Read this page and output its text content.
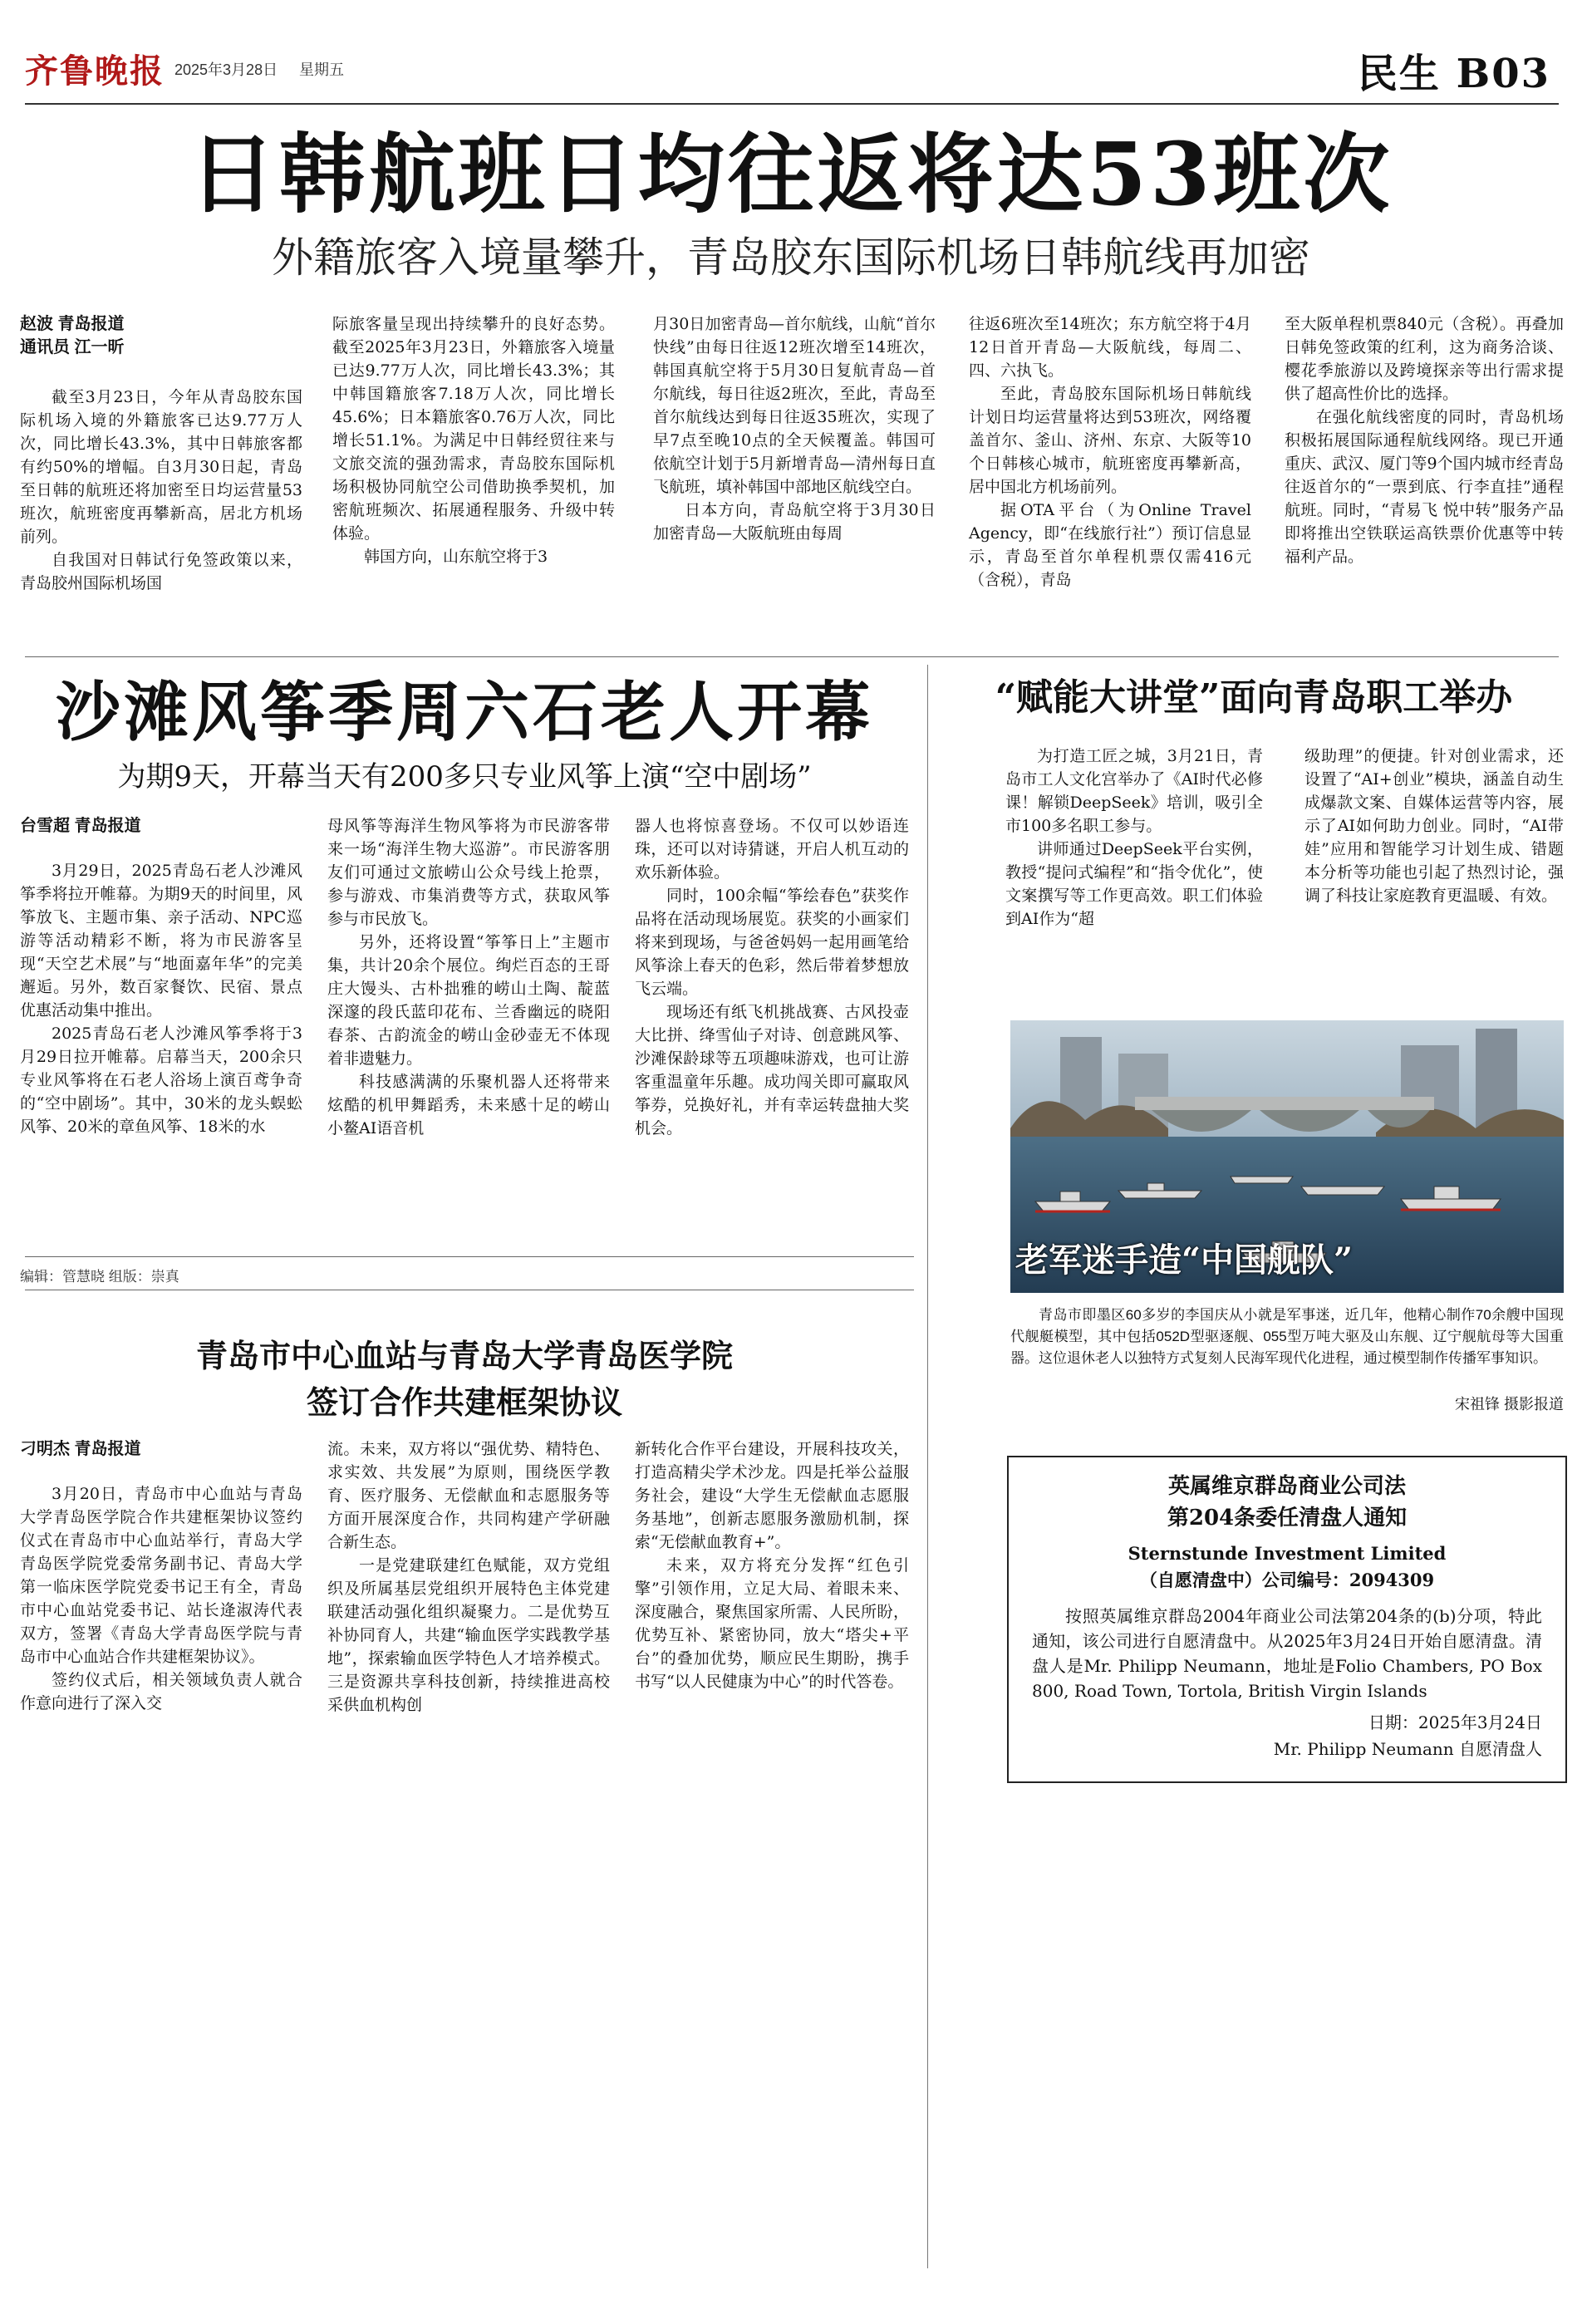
齐鲁晚报 2025年3月28日 星期五	民生 B03
日韩航班日均往返将达53班次
外籍旅客入境量攀升，青岛胶东国际机场日韩航线再加密
赵波 青岛报道
通讯员 江一昕

截至3月23日，今年从青岛胶东国际机场入境的外籍旅客已达9.77万人次，同比增长43.3%，其中日韩旅客都有约50%的增幅。自3月30日起，青岛至日韩的航班还将加密至日均运营量53班次，航班密度再攀新高，居北方机场前列。

自我国对日韩试行免签政策以来，青岛胶州国际机场国

际旅客量呈现出持续攀升的良好态势。截至2025年3月23日，外籍旅客入境量已达9.77万人次，同比增长43.3%；其中韩国籍旅客7.18万人次，同比增长45.6%；日本籍旅客0.76万人次，同比增长51.1%。为满足中日韩经贸往来与文旅交流的强劲需求，青岛胶东国际机场积极协同航空公司借助换季契机，加密航班频次、拓展通程服务、升级中转体验。

韩国方向，山东航空将于3

月30日加密青岛—首尔航线，山航“首尔快线”由每日往返12班次增至14班次，韩国真航空将于5月30日复航青岛—首尔航线，每日往返2班次，至此，青岛至首尔航线达到每日往返35班次，实现了早7点至晚10点的全天候覆盖。韩国可依航空计划于5月新增青岛—清州每日直飞航班，填补韩国中部地区航线空白。

日本方向，青岛航空将于3月30日加密青岛—大阪航班由每周

往返6班次至14班次；东方航空将于4月12日首开青岛—大阪航线，每周二、四、六执飞。

至此，青岛胶东国际机场日韩航线计划日均运营量将达到53班次，网络覆盖首尔、釜山、济州、东京、大阪等10个日韩核心城市，航班密度再攀新高，居中国北方机场前列。

据OTA平台（为Online Travel Agency，即“在线旅行社”）预订信息显示，青岛至首尔单程机票仅需416元（含税），青岛

至大阪单程机票840元（含税）。再叠加日韩免签政策的红利，这为商务洽谈、樱花季旅游以及跨境探亲等出行需求提供了超高性价比的选择。

在强化航线密度的同时，青岛机场积极拓展国际通程航线网络。现已开通重庆、武汉、厦门等9个国内城市经青岛往返首尔的“一票到底、行李直挂”通程航班。同时，“青易飞 悦中转”服务产品即将推出空铁联运高铁票价优惠等中转福利产品。

沙滩风筝季周六石老人开幕
为期9天，开幕当天有200多只专业风筝上演“空中剧场”
台雪超 青岛报道

3月29日，2025青岛石老人沙滩风筝季将拉开帷幕。为期9天的时间里，风筝放飞、主题市集、亲子活动、NPC巡游等活动精彩不断，将为市民游客呈现“天空艺术展”与“地面嘉年华”的完美邂逅。另外，数百家餐饮、民宿、景点优惠活动集中推出。

2025青岛石老人沙滩风筝季将于3月29日拉开帷幕。启幕当天，200余只专业风筝将在石老人浴场上演百鸢争奇的“空中剧场”。其中，30米的龙头蜈蚣风筝、20米的章鱼风筝、18米的水

母风筝等海洋生物风筝将为市民游客带来一场“海洋生物大巡游”。市民游客朋友们可通过文旅崂山公众号线上抢票，参与游戏、市集消费等方式，获取风筝参与市民放飞。

另外，还将设置“筝筝日上”主题市集，共计20余个展位。绚烂百态的王哥庄大馒头、古朴拙雅的崂山土陶、靛蓝深邃的段氏蓝印花布、兰香幽远的晓阳春茶、古韵流金的崂山金砂壶无不体现着非遗魅力。

科技感满满的乐聚机器人还将带来炫酷的机甲舞蹈秀，未来感十足的崂山小鳌AI语音机

器人也将惊喜登场。不仅可以妙语连珠，还可以对诗猜谜，开启人机互动的欢乐新体验。

同时，100余幅“筝绘春色”获奖作品将在活动现场展览。获奖的小画家们将来到现场，与爸爸妈妈一起用画笔给风筝涂上春天的色彩，然后带着梦想放飞云端。

现场还有纸飞机挑战赛、古风投壶大比拼、绛雪仙子对诗、创意跳风筝、沙滩保龄球等五项趣味游戏，也可让游客重温童年乐趣。成功闯关即可赢取风筝券，兑换好礼，并有幸运转盘抽大奖机会。

编辑：管慧晓 组版：崇真
“赋能大讲堂”面向青岛职工举办

为打造工匠之城，3月21日，青岛市工人文化宫举办了《AI时代必修课！解锁DeepSeek》培训，吸引全市100多名职工参与。

讲师通过DeepSeek平台实例，教授“提问式编程”和“指令优化”，使文案撰写等工作更高效。职工们体验到AI作为“超

级助理”的便捷。针对创业需求，还设置了“AI+创业”模块，涵盖自动生成爆款文案、自媒体运营等内容，展示了AI如何助力创业。同时，“AI带娃”应用和智能学习计划生成、错题本分析等功能也引起了热烈讨论，强调了科技让家庭教育更温暖、有效。

老军迷手造“中国舰队”
青岛市即墨区60多岁的李国庆从小就是军事迷，近几年，他精心制作70余艘中国现代舰艇模型，其中包括052D型驱逐舰、055型万吨大驱及山东舰、辽宁舰航母等大国重器。这位退休老人以独特方式复刻人民海军现代化进程，通过模型制作传播军事知识。
宋祖锋 摄影报道
青岛市中心血站与青岛大学青岛医学院
签订合作共建框架协议
刁明杰 青岛报道

3月20日，青岛市中心血站与青岛大学青岛医学院合作共建框架协议签约仪式在青岛市中心血站举行，青岛大学青岛医学院党委常务副书记、青岛大学第一临床医学院党委书记王有全，青岛市中心血站党委书记、站长逄淑涛代表双方，签署《青岛大学青岛医学院与青岛市中心血站合作共建框架协议》。

签约仪式后，相关领域负责人就合作意向进行了深入交

流。未来，双方将以“强优势、精特色、求实效、共发展”为原则，围绕医学教育、医疗服务、无偿献血和志愿服务等方面开展深度合作，共同构建产学研融合新生态。

一是党建联建红色赋能，双方党组织及所属基层党组织开展特色主体党建联建活动强化组织凝聚力。二是优势互补协同育人，共建“输血医学实践教学基地”，探索输血医学特色人才培养模式。三是资源共享科技创新，持续推进高校采供血机构创

新转化合作平台建设，开展科技攻关，打造高精尖学术沙龙。四是托举公益服务社会，建设“大学生无偿献血志愿服务基地”，创新志愿服务激励机制，探索“无偿献血教育+”。

未来，双方将充分发挥“红色引擎”引领作用，立足大局、着眼未来、深度融合，聚焦国家所需、人民所盼，优势互补、紧密协同，放大“塔尖+平台”的叠加优势，顺应民生期盼，携手书写“以人民健康为中心”的时代答卷。

英属维京群岛商业公司法
第204条委任清盘人通知
Sternstunde Investment Limited
（自愿清盘中）公司编号：2094309
按照英属维京群岛2004年商业公司法第204条的(b)分项，特此通知，该公司进行自愿清盘中。从2025年3月24日开始自愿清盘。清盘人是Mr. Philipp Neumann，地址是Folio Chambers, PO Box 800, Road Town, Tortola, British Virgin Islands
日期：2025年3月24日
Mr. Philipp Neumann 自愿清盘人
